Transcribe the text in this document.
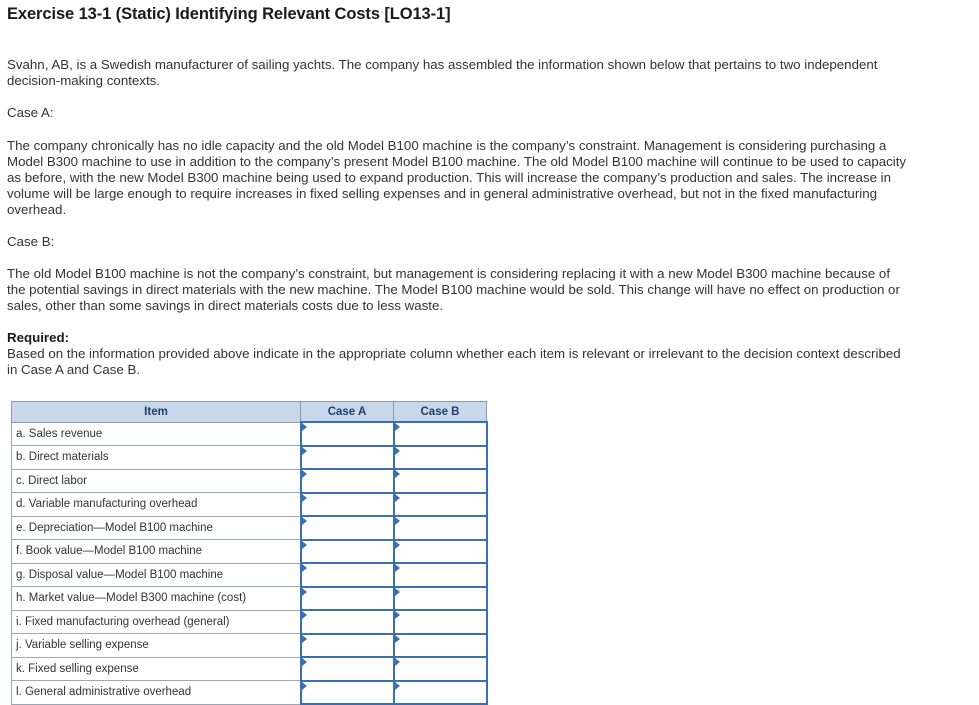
Exercise 13-1 (Static) Identifying Relevant Costs [LO13-1]
Svahn, AB, is a Swedish manufacturer of sailing yachts. The company has assembled the information shown below that pertains to two independent decision-making contexts.
Case A:
The company chronically has no idle capacity and the old Model B100 machine is the company’s constraint. Management is considering purchasing a Model B300 machine to use in addition to the company’s present Model B100 machine. The old Model B100 machine will continue to be used to capacity as before, with the new Model B300 machine being used to expand production. This will increase the company’s production and sales. The increase in volume will be large enough to require increases in fixed selling expenses and in general administrative overhead, but not in the fixed manufacturing overhead.
Case B:
The old Model B100 machine is not the company’s constraint, but management is considering replacing it with a new Model B300 machine because of the potential savings in direct materials with the new machine. The Model B100 machine would be sold. This change will have no effect on production or sales, other than some savings in direct materials costs due to less waste.
Required:
Based on the information provided above indicate in the appropriate column whether each item is relevant or irrelevant to the decision context described in Case A and Case B.
Item	Case A	Case B
a. Sales revenue	

b. Direct materials	

c. Direct labor	

d. Variable manufacturing overhead	

e. Depreciation—Model B100 machine	

f. Book value—Model B100 machine	

g. Disposal value—Model B100 machine	

h. Market value—Model B300 machine (cost)	

i. Fixed manufacturing overhead (general)	

j. Variable selling expense	

k. Fixed selling expense	

l. General administrative overhead	
